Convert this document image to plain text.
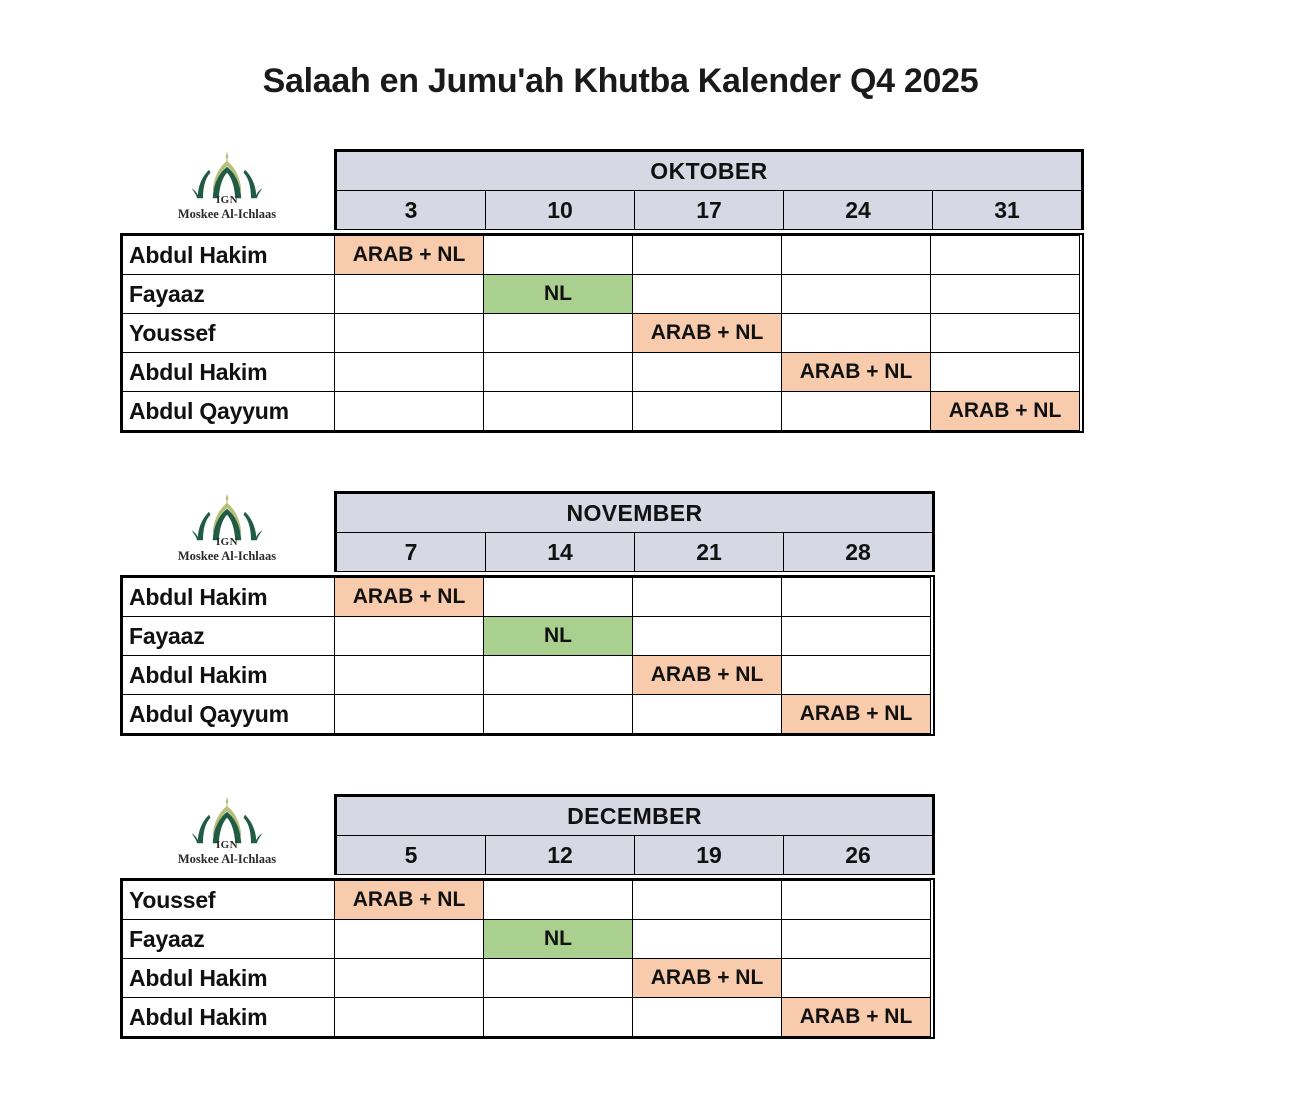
Salaah en Jumu'ah Khutba Kalender Q4 2025
IGN
Moskee Al-Ichlaas
OKTOBER
3	10	17	24	31
Abdul Hakim	ARAB + NL				
Fayaaz		NL			
Youssef			ARAB + NL		
Abdul Hakim				ARAB + NL	
Abdul Qayyum					ARAB + NL
IGN
Moskee Al-Ichlaas
NOVEMBER
7	14	21	28
Abdul Hakim	ARAB + NL			
Fayaaz		NL		
Abdul Hakim			ARAB + NL	
Abdul Qayyum				ARAB + NL
IGN
Moskee Al-Ichlaas
DECEMBER
5	12	19	26
Youssef	ARAB + NL			
Fayaaz		NL		
Abdul Hakim			ARAB + NL	
Abdul Hakim				ARAB + NL
